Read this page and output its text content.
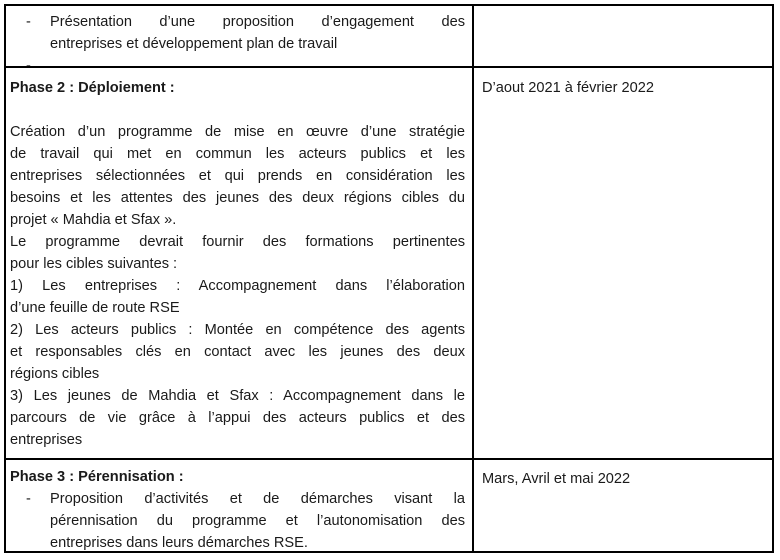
- Présentation d’une proposition d’engagement des
entreprises et développement plan de travail
-
Phase 2 : Déploiement :
Création d’un programme de mise en œuvre d’une stratégie
de travail qui met en commun les acteurs publics et les
entreprises sélectionnées et qui prends en considération les
besoins et les attentes des jeunes des deux régions cibles du
projet « Mahdia et Sfax ».
Le programme devrait fournir des formations pertinentes
pour les cibles suivantes :
1) Les entreprises : Accompagnement dans l’élaboration
d’une feuille de route RSE
2) Les acteurs publics : Montée en compétence des agents
et responsables clés en contact avec les jeunes des deux
régions cibles
3) Les jeunes de Mahdia et Sfax : Accompagnement dans le
parcours de vie grâce à l’appui des acteurs publics et des
entreprises
D’aout 2021 à février 2022
Phase 3 : Pérennisation :
- Proposition d’activités et de démarches visant la
pérennisation du programme et l’autonomisation des
entreprises dans leurs démarches RSE.
Mars, Avril et mai 2022
